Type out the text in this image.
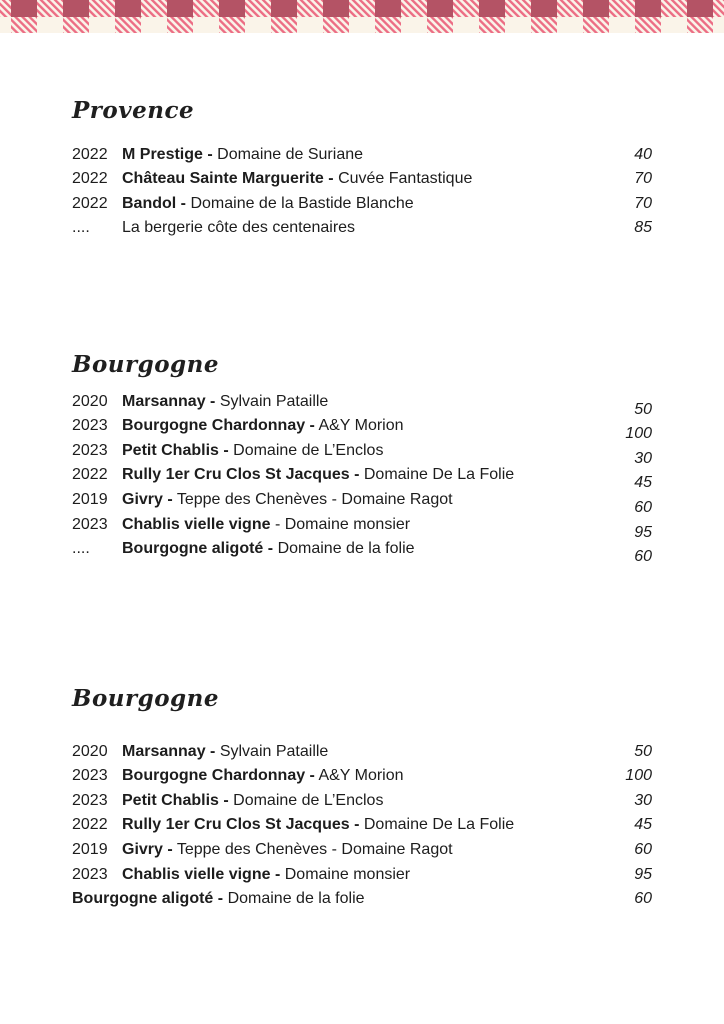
Provence
2022 M Prestige - Domaine de Suriane	40
2022 Château Sainte Marguerite - Cuvée Fantastique	70
2022 Bandol - Domaine de la Bastide Blanche	70
....	La bergerie côte des centenaires	85
Bourgogne
2020 Marsannay - Sylvain Pataille	50
2023 Bourgogne Chardonnay - A&Y Morion	100
2023 Petit Chablis - Domaine de L’Enclos	30
2022 Rully 1er Cru Clos St Jacques - Domaine De La Folie	45
2019 Givry - Teppe des Chenèves - Domaine Ragot	60
2023 Chablis vielle vigne - Domaine monsier	95
....	Bourgogne aligoté - Domaine de la folie	60
Bourgogne
2020 Marsannay - Sylvain Pataille	50
2023 Bourgogne Chardonnay - A&Y Morion	100
2023 Petit Chablis - Domaine de L’Enclos	30
2022 Rully 1er Cru Clos St Jacques - Domaine De La Folie	45
2019 Givry - Teppe des Chenèves - Domaine Ragot	60
2023 Chablis vielle vigne - Domaine monsier	95
Bourgogne aligoté - Domaine de la folie	60
